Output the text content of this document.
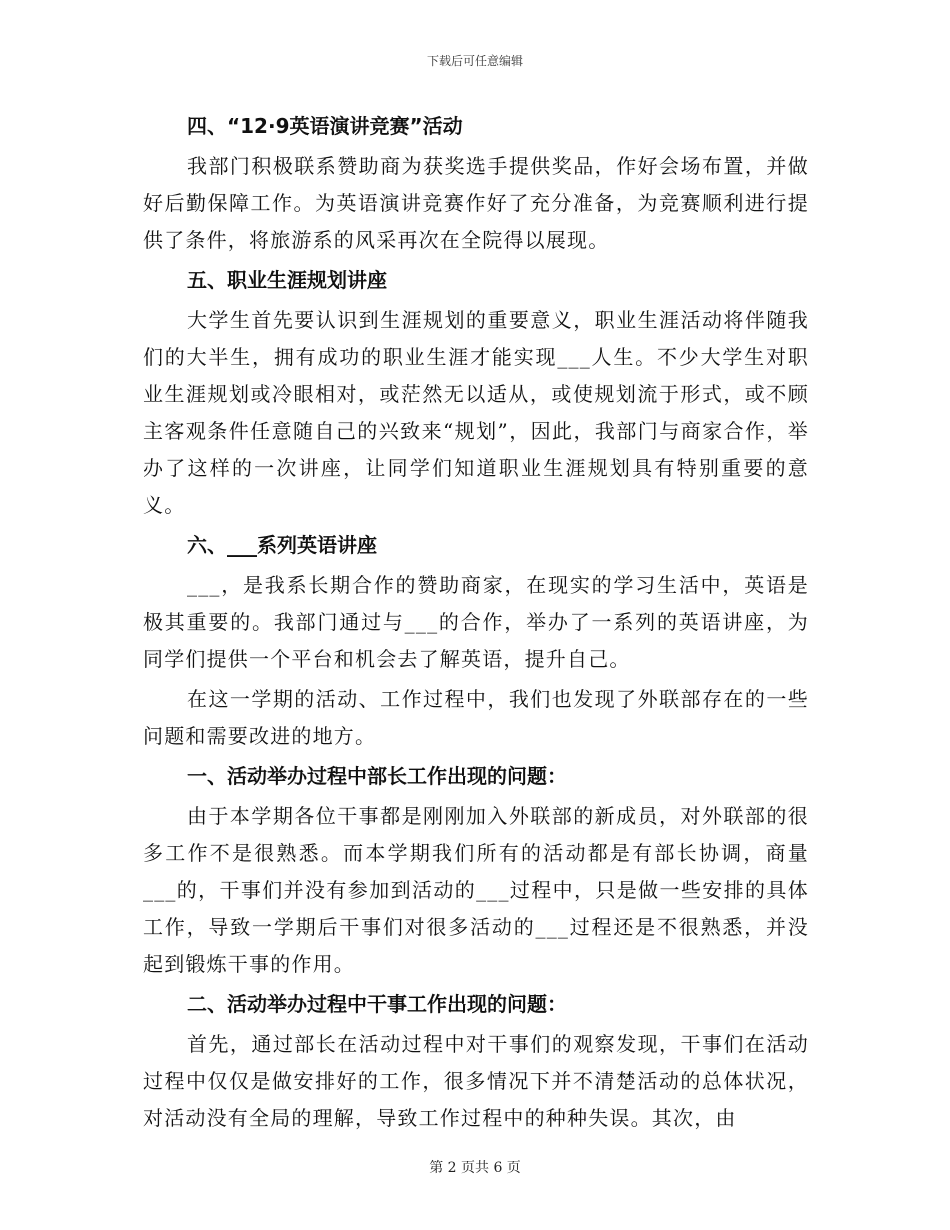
下载后可任意编辑
四、“12·9英语演讲竞赛”活动

我部门积极联系赞助商为获奖选手提供奖品，作好会场布置，并做好后勤保障工作。为英语演讲竞赛作好了充分准备，为竞赛顺利进行提供了条件，将旅游系的风采再次在全院得以展现。

五、职业生涯规划讲座

大学生首先要认识到生涯规划的重要意义，职业生涯活动将伴随我们的大半生，拥有成功的职业生涯才能实现___人生。不少大学生对职业生涯规划或冷眼相对，或茫然无以适从，或使规划流于形式，或不顾主客观条件任意随自己的兴致来“规划”，因此，我部门与商家合作，举办了这样的一次讲座，让同学们知道职业生涯规划具有特别重要的意义。

六、___系列英语讲座

___，是我系长期合作的赞助商家，在现实的学习生活中，英语是极其重要的。我部门通过与___的合作，举办了一系列的英语讲座，为同学们提供一个平台和机会去了解英语，提升自己。

在这一学期的活动、工作过程中，我们也发现了外联部存在的一些问题和需要改进的地方。

一、活动举办过程中部长工作出现的问题：

由于本学期各位干事都是刚刚加入外联部的新成员，对外联部的很多工作不是很熟悉。而本学期我们所有的活动都是有部长协调，商量___的，干事们并没有参加到活动的___过程中，只是做一些安排的具体工作，导致一学期后干事们对很多活动的___过程还是不很熟悉，并没起到锻炼干事的作用。

二、活动举办过程中干事工作出现的问题：

首先，通过部长在活动过程中对干事们的观察发现，干事们在活动过程中仅仅是做安排好的工作，很多情况下并不清楚活动的总体状况，对活动没有全局的理解，导致工作过程中的种种失误。其次，由

第 2 页共 6 页
